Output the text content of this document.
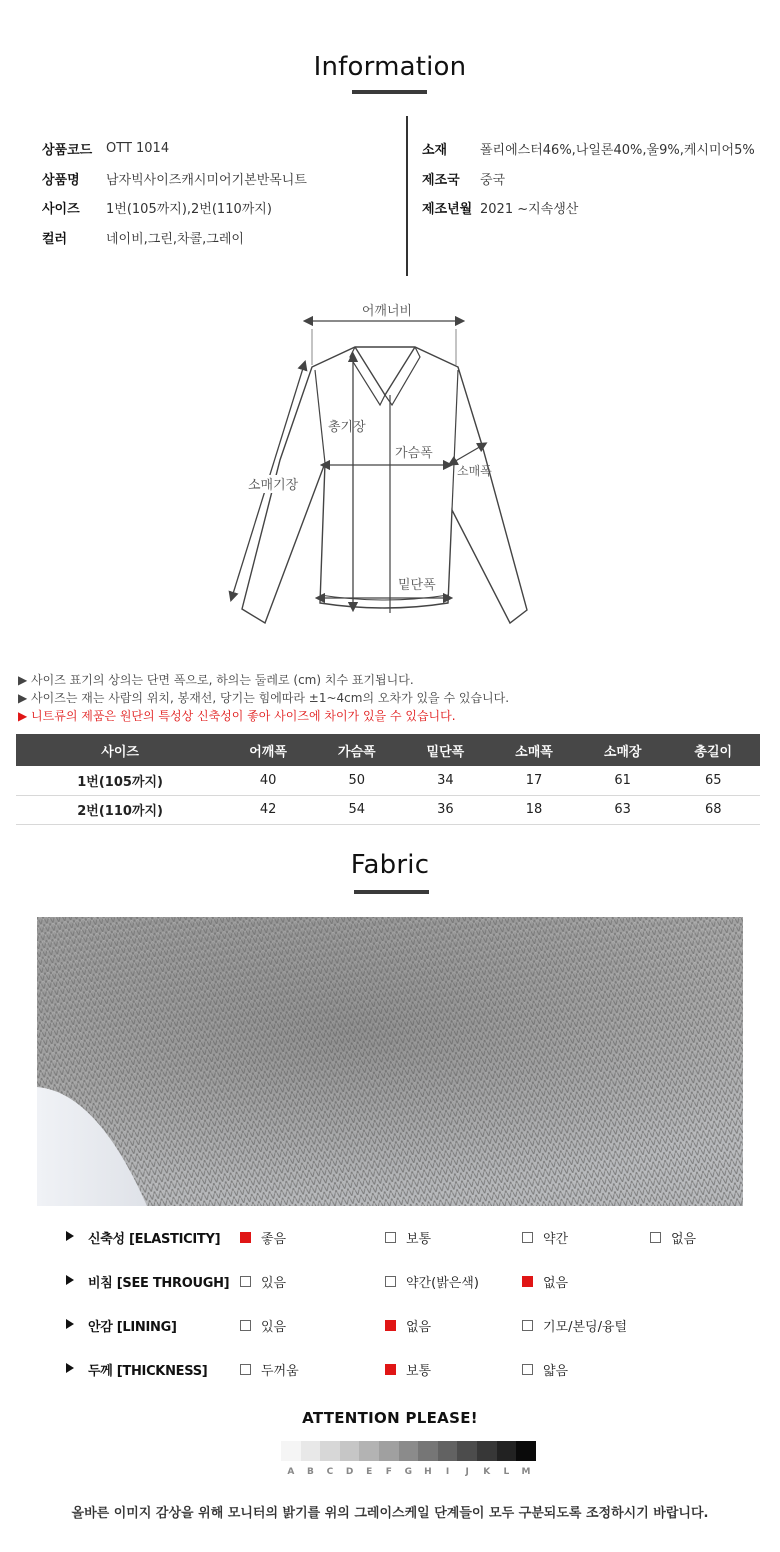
Information
상품코드	OTT 1014
상품명	남자빅사이즈캐시미어기본반목니트
사이즈	1번(105까지),2번(110까지)
컬러	네이비,그린,차콜,그레이
소재	폴리에스터46%,나일론40%,울9%,케시미어5%
제조국	중국
제조년월 2021 ~지속생산
어깨너비
총기장
가슴폭
소매폭
소매기장
밑단폭
▶ 사이즈 표기의 상의는 단면 폭으로, 하의는 둘레로 (cm) 치수 표기됩니다.
▶ 사이즈는 재는 사람의 위치, 봉재선, 당기는 힘에따라 ±1~4cm의 오차가 있을 수 있습니다.
▶ 니트류의 제품은 원단의 특성상 신축성이 좋아 사이즈에 차이가 있을 수 있습니다.
사이즈	어깨폭	가슴폭	밑단폭	소매폭	소매장	총길이
1번(105까지)	40	50	34	17	61	65
2번(110까지)	42	54	36	18	63	68
Fabric
신축성 [ELASTICITY]	좋음	보통	약간	없음
비침 [SEE THROUGH] 있음	약간(밝은색)	없음
안감 [LINING]	있음	없음	기모/본딩/융털
두께 [THICKNESS]	두꺼움	보통	얇음
ATTENTION PLEASE!
A	B	C	D	E	F	G	H	I	J	K	L	M
올바른 이미지 감상을 위해 모니터의 밝기를 위의 그레이스케일 단계들이 모두 구분되도록 조정하시기 바랍니다.
